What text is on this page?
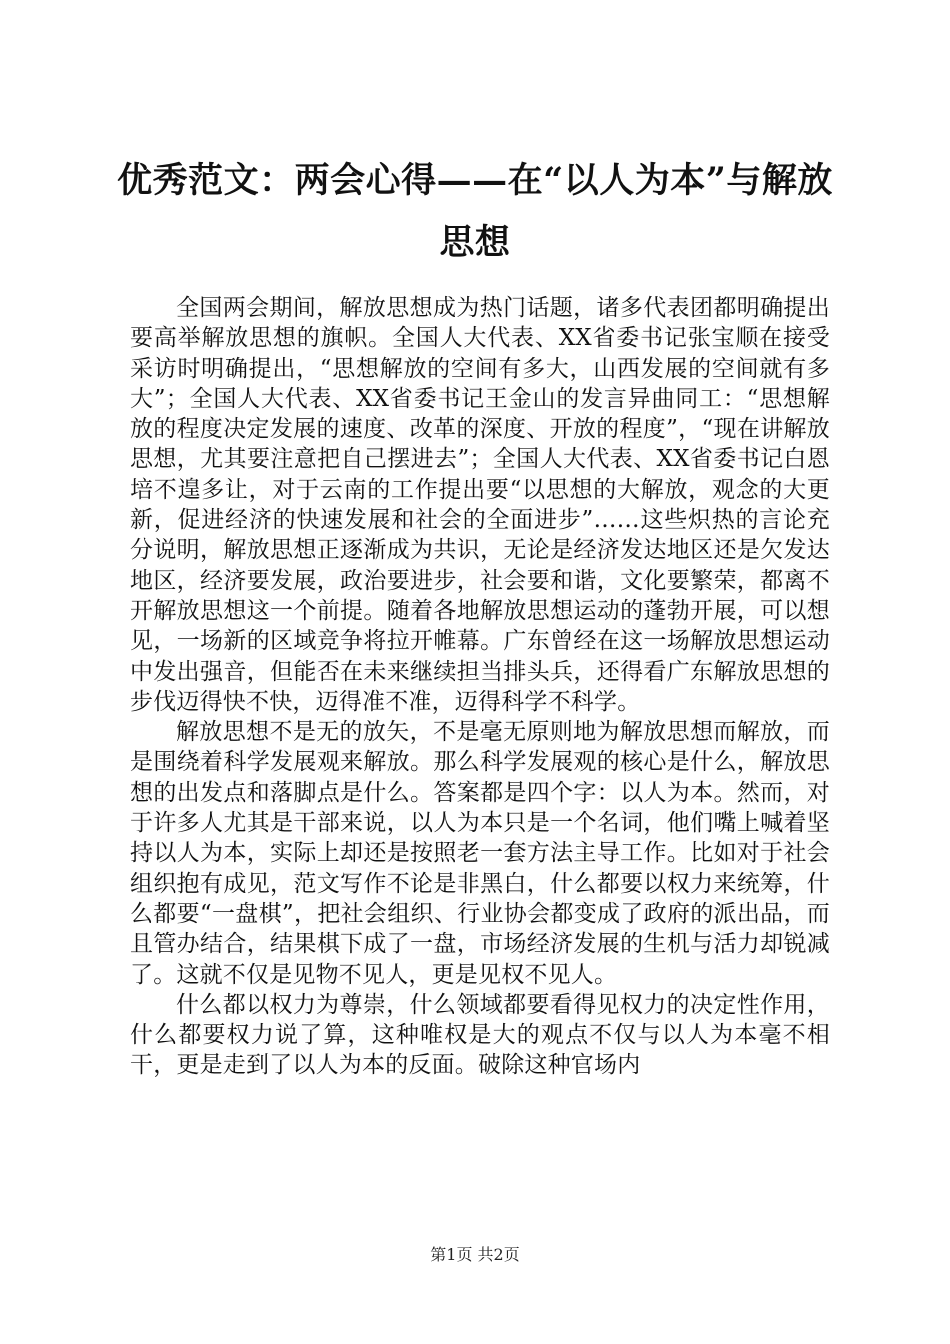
优秀范文：两会心得——在“以人为本”与解放思想

全国两会期间，解放思想成为热门话题，诸多代表团都明确提出要高举解放思想的旗帜。全国人大代表、XX省委书记张宝顺在接受采访时明确提出，“思想解放的空间有多大，山西发展的空间就有多大”；全国人大代表、XX省委书记王金山的发言异曲同工：“思想解放的程度决定发展的速度、改革的深度、开放的程度”，“现在讲解放思想，尤其要注意把自己摆进去”；全国人大代表、XX省委书记白恩培不遑多让，对于云南的工作提出要“以思想的大解放，观念的大更新，促进经济的快速发展和社会的全面进步”……这些炽热的言论充分说明，解放思想正逐渐成为共识，无论是经济发达地区还是欠发达地区，经济要发展，政治要进步，社会要和谐，文化要繁荣，都离不开解放思想这一个前提。随着各地解放思想运动的蓬勃开展，可以想见，一场新的区域竞争将拉开帷幕。广东曾经在这一场解放思想运动中发出强音，但能否在未来继续担当排头兵，还得看广东解放思想的步伐迈得快不快，迈得准不准，迈得科学不科学。

解放思想不是无的放矢，不是毫无原则地为解放思想而解放，而是围绕着科学发展观来解放。那么科学发展观的核心是什么，解放思想的出发点和落脚点是什么。答案都是四个字：以人为本。然而，对于许多人尤其是干部来说，以人为本只是一个名词，他们嘴上喊着坚持以人为本，实际上却还是按照老一套方法主导工作。比如对于社会组织抱有成见，范文写作不论是非黑白，什么都要以权力来统筹，什么都要“一盘棋”，把社会组织、行业协会都变成了政府的派出品，而且管办结合，结果棋下成了一盘，市场经济发展的生机与活力却锐减了。这就不仅是见物不见人，更是见权不见人。

什么都以权力为尊崇，什么领域都要看得见权力的决定性作用，什么都要权力说了算，这种唯权是大的观点不仅与以人为本毫不相干，更是走到了以人为本的反面。破除这种官场内

第1页 共2页
